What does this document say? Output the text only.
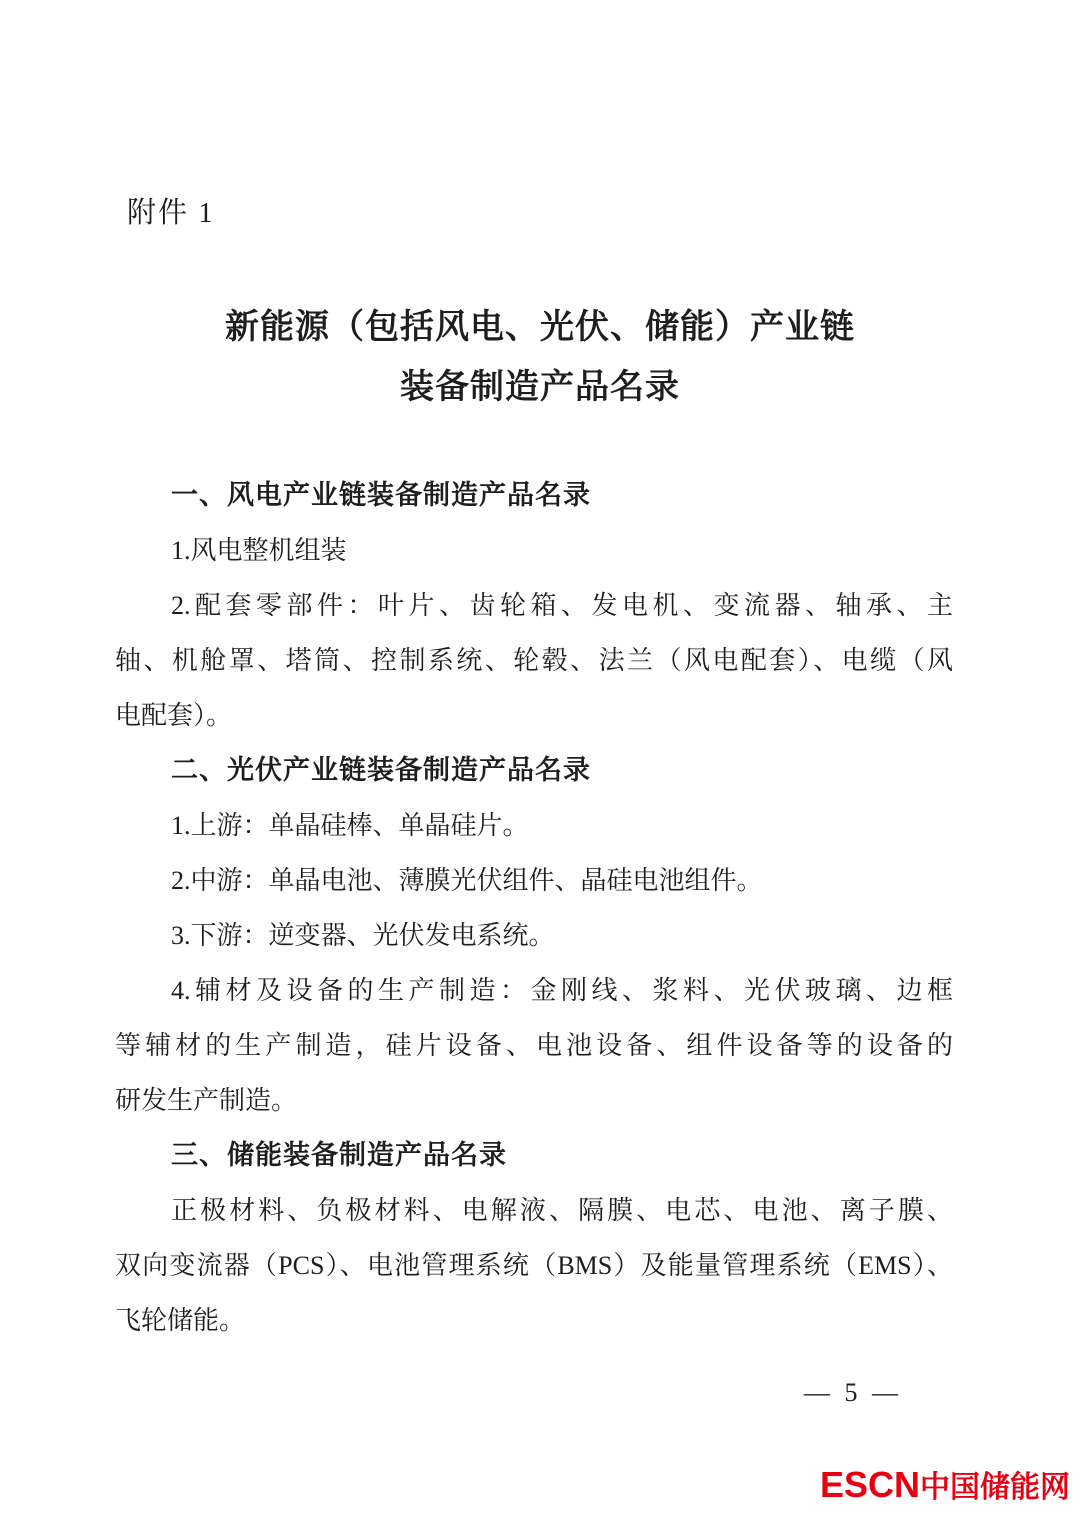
附件 1
新能源（包括风电、光伏、储能）产业链
装备制造产品名录
一、风电产业链装备制造产品名录
1.风电整机组装
2.配套零部件：叶片、齿轮箱、发电机、变流器、轴承、主
轴、机舱罩、塔筒、控制系统、轮毂、法兰（风电配套）、电缆（风
电配套）。
二、光伏产业链装备制造产品名录
1.上游：单晶硅棒、单晶硅片。
2.中游：单晶电池、薄膜光伏组件、晶硅电池组件。
3.下游：逆变器、光伏发电系统。
4.辅材及设备的生产制造：金刚线、浆料、光伏玻璃、边框
等辅材的生产制造，硅片设备、电池设备、组件设备等的设备的
研发生产制造。
三、储能装备制造产品名录
正极材料、负极材料、电解液、隔膜、电芯、电池、离子膜、
双向变流器（PCS）、电池管理系统（BMS）及能量管理系统（EMS）、
飞轮储能。
— 5 —
ESCN中国储能网
